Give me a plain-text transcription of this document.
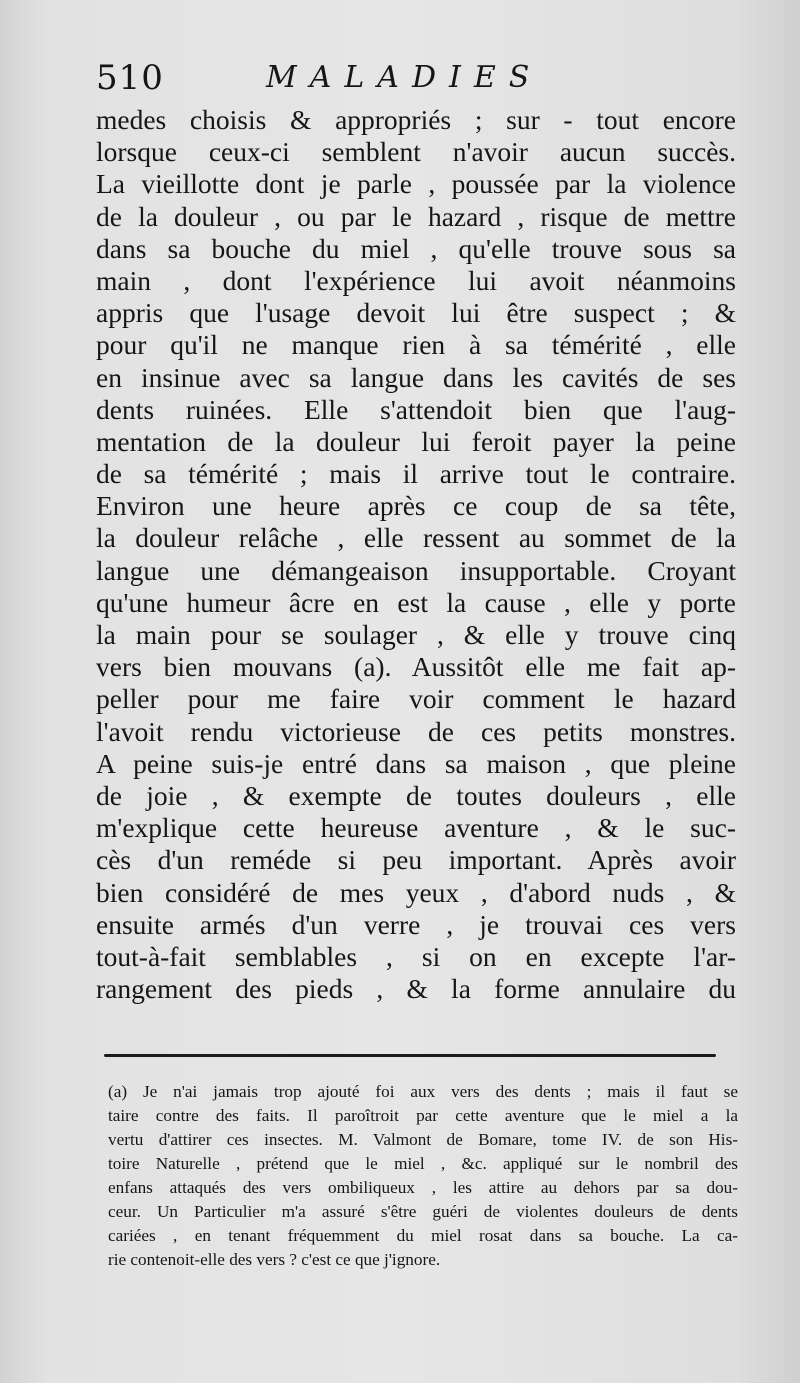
510	MALADIES
medes choisis & appropriés ; sur - tout encore
lorsque ceux-ci semblent n'avoir aucun succès.
La vieillotte dont je parle , poussée par la violence
de la douleur , ou par le hazard , risque de mettre
dans sa bouche du miel , qu'elle trouve sous sa
main , dont l'expérience lui avoit néanmoins
appris que l'usage devoit lui être suspect ; &
pour qu'il ne manque rien à sa témérité , elle
en insinue avec sa langue dans les cavités de ses
dents ruinées. Elle s'attendoit bien que l'aug-
mentation de la douleur lui feroit payer la peine
de sa témérité ; mais il arrive tout le contraire.
Environ une heure après ce coup de sa tête,
la douleur relâche , elle ressent au sommet de la
langue une démangeaison insupportable. Croyant
qu'une humeur âcre en est la cause , elle y porte
la main pour se soulager , & elle y trouve cinq
vers bien mouvans (a). Aussitôt elle me fait ap-
peller pour me faire voir comment le hazard
l'avoit rendu victorieuse de ces petits monstres.
A peine suis-je entré dans sa maison , que pleine
de joie , & exempte de toutes douleurs , elle
m'explique cette heureuse aventure , & le suc-
cès d'un reméde si peu important. Après avoir
bien considéré de mes yeux , d'abord nuds , &
ensuite armés d'un verre , je trouvai ces vers
tout-à-fait semblables , si on en excepte l'ar-
rangement des pieds , & la forme annulaire du
(a) Je n'ai jamais trop ajouté foi aux vers des dents ; mais il faut se
taire contre des faits. Il paroîtroit par cette aventure que le miel a la
vertu d'attirer ces insectes. M. Valmont de Bomare, tome IV. de son His-
toire Naturelle , prétend que le miel , &c. appliqué sur le nombril des
enfans attaqués des vers ombiliqueux , les attire au dehors par sa dou-
ceur. Un Particulier m'a assuré s'être guéri de violentes douleurs de dents
cariées , en tenant fréquemment du miel rosat dans sa bouche. La ca-
rie contenoit-elle des vers ? c'est ce que j'ignore.
